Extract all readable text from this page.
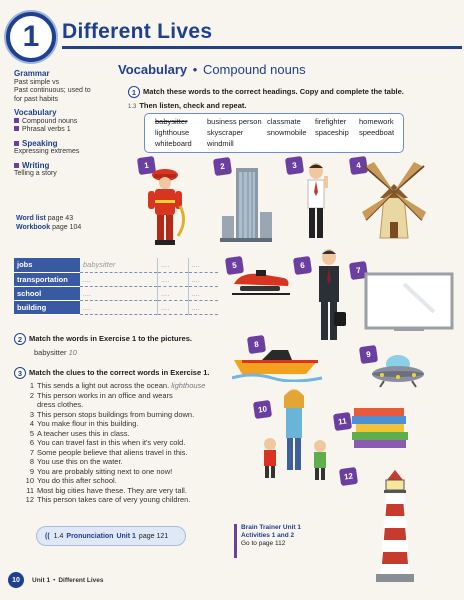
1	Different Lives
Grammar
Past simple vs
Past continuous; used to
for past habits
Vocabulary
Compound nouns
Phrasal verbs 1
Speaking
Expressing extremes
Writing
Telling a story
Word list page 43
Workbook page 104
Vocabulary • Compound nouns
1 Match these words to the correct headings. Copy and complete the table.
1.3 Then listen, check and repeat.
babysitter	business person classmate firefighter homework
lighthouse skyscraper	snowmobile spaceship speedboat
whiteboard windmill
1	2	3	4
5	6
7
8
9
10
11
12
jobs	babysitter	....	....
transportation	....	....	....
school	....	....	....
building	....	....	....
2 Match the words in Exercise 1 to the pictures.
babysitter 10
3 Match the clues to the correct words in Exercise 1.
1 This sends a light out across the ocean. lighthouse
2 This person works in an office and wears
dress clothes.
3 This person stops buildings from burning down.
4 You make flour in this building.
5 A teacher uses this in class.
6 You can travel fast in this when it's very cold.
7 Some people believe that aliens travel in this.
8 You use this on the water.
9 You are probably sitting next to one now!
10 You do this after school.
11 Most big cities have these. They are very tall.
12 This person takes care of very young children.
(( 1.4 Pronunciation Unit 1 page 121
Brain Trainer Unit 1
Activities 1 and 2
Go to page 112
10	Unit 1 • Different Lives
